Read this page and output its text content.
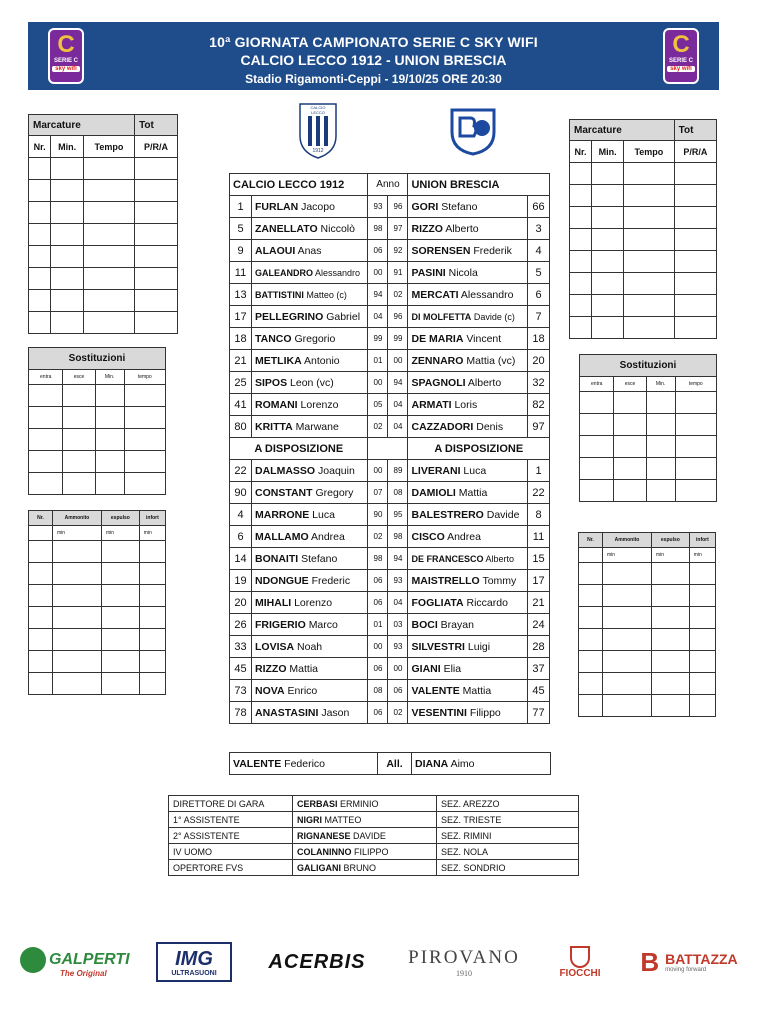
C
SERIE C
sky wifi
10ª GIORNATA CAMPIONATO SERIE C SKY WIFI
CALCIO LECCO 1912 - UNION BRESCIA
Stadio Rigamonti-Ceppi - 19/10/25 ORE 20:30
C
SERIE C
sky wifi
CALCIO
LECCO
1912
Marcature			Tot
Nr.	Min.	Tempo	P/R/A

Sostituzioni			
entra	esce	Min.	tempo

Nr.	Ammonito	espulso	infort
	min	min	min

Marcature			Tot
Nr.	Min.	Tempo	P/R/A

Sostituzioni			
entra	esce	Min.	tempo

Nr.	Ammonito	espulso	infort
	min	min	min

CALCIO LECCO 1912		Anno		UNION BRESCIA	
1	FURLAN Jacopo	93	96	GORI Stefano	66
5	ZANELLATO Niccolò	98	97	RIZZO Alberto	3
9	ALAOUI Anas	06	92	SORENSEN Frederik	4
11	GALEANDRO Alessandro	00	91	PASINI Nicola	5
13	BATTISTINI Matteo (c)	94	02	MERCATI Alessandro	6
17	PELLEGRINO Gabriel	04	96	DI MOLFETTA Davide (c)	7
18	TANCO Gregorio	99	99	DE MARIA Vincent	18
21	METLIKA Antonio	01	00	ZENNARO Mattia (vc)	20
25	SIPOS Leon (vc)	00	94	SPAGNOLI Alberto	32
41	ROMANI Lorenzo	05	04	ARMATI Loris	82
80	KRITTA Marwane	02	04	CAZZADORI Denis	97
A DISPOSIZIONE				A DISPOSIZIONE	
22	DALMASSO Joaquin	00	89	LIVERANI Luca	1
90	CONSTANT Gregory	07	08	DAMIOLI Mattia	22
4	MARRONE Luca	90	95	BALESTRERO Davide	8
6	MALLAMO Andrea	02	98	CISCO Andrea	11
14	BONAITI Stefano	98	94	DE FRANCESCO Alberto	15
19	NDONGUE Frederic	06	93	MAISTRELLO Tommy	17
20	MIHALI Lorenzo	06	04	FOGLIATA Riccardo	21
26	FRIGERIO Marco	01	03	BOCI Brayan	24
33	LOVISA Noah	00	93	SILVESTRI Luigi	28
45	RIZZO Mattia	06	00	GIANI Elia	37
73	NOVA Enrico	08	06	VALENTE Mattia	45
78	ANASTASINI Jason	06	02	VESENTINI Filippo	77
VALENTE Federico	All.	DIANA Aimo
DIRETTORE DI GARA	CERBASI ERMINIO	SEZ. AREZZO
1° ASSISTENTE	NIGRI MATTEO	SEZ. TRIESTE
2° ASSISTENTE	RIGNANESE DAVIDE	SEZ. RIMINI
IV UOMO	COLANINNO FILIPPO	SEZ. NOLA
OPERTORE FVS	GALIGANI BRUNO	SEZ. SONDRIO
GALPERTI
The Original
IMG
ULTRASUONI
ACERBIS	PIROVANO
1910	FIOCCHI B BATTAZZA
moving forward
